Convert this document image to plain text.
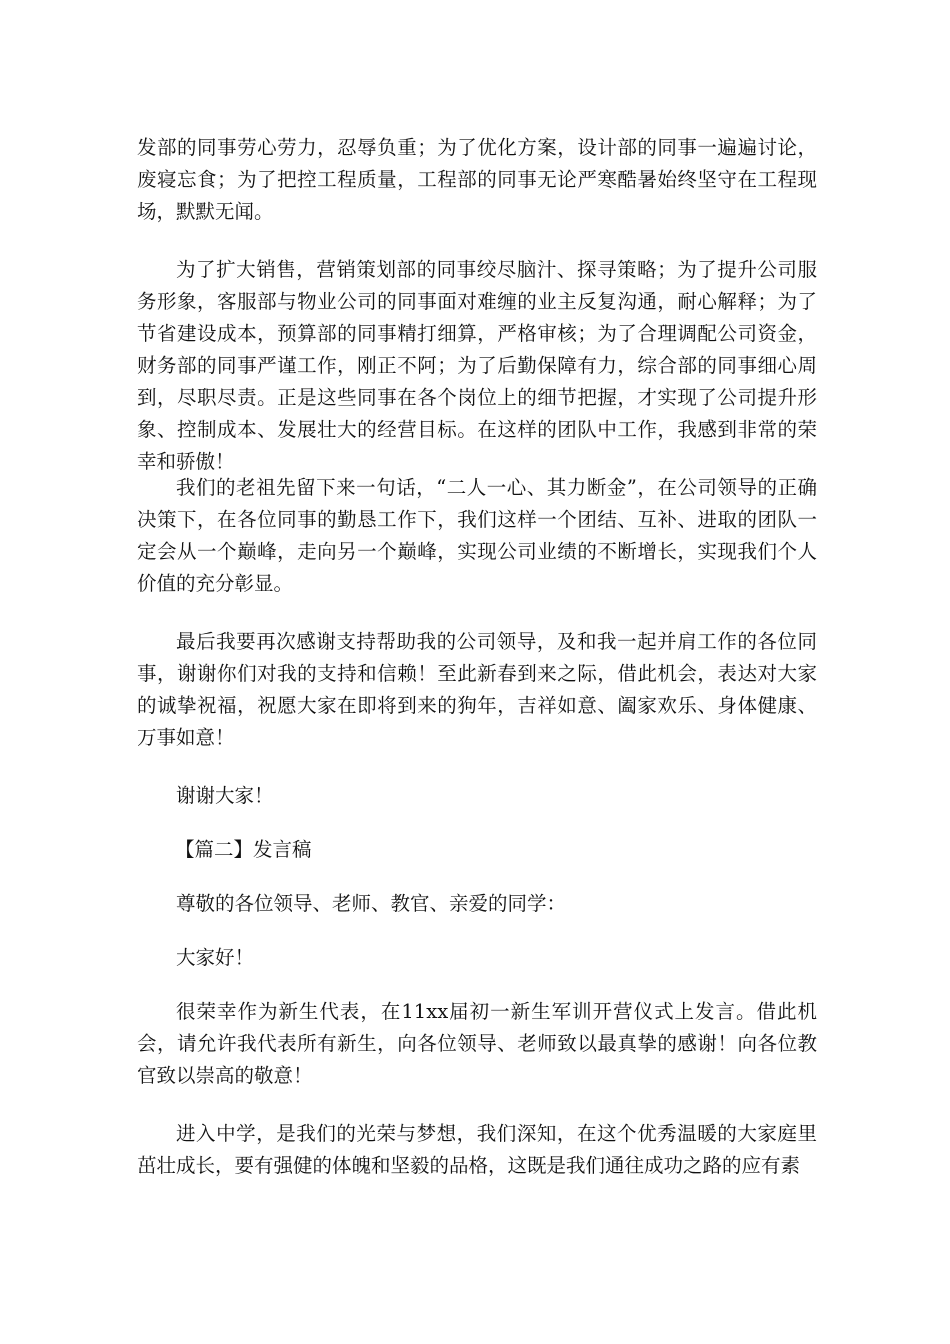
发部的同事劳心劳力，忍辱负重；为了优化方案，设计部的同事一遍遍讨论，废寝忘食；为了把控工程质量，工程部的同事无论严寒酷暑始终坚守在工程现场，默默无闻。

为了扩大销售，营销策划部的同事绞尽脑汁、探寻策略；为了提升公司服务形象，客服部与物业公司的同事面对难缠的业主反复沟通，耐心解释；为了节省建设成本，预算部的同事精打细算，严格审核；为了合理调配公司资金，财务部的同事严谨工作，刚正不阿；为了后勤保障有力，综合部的同事细心周到，尽职尽责。正是这些同事在各个岗位上的细节把握，才实现了公司提升形象、控制成本、发展壮大的经营目标。在这样的团队中工作，我感到非常的荣幸和骄傲！

我们的老祖先留下来一句话，“二人一心、其力断金”，在公司领导的正确决策下，在各位同事的勤恳工作下，我们这样一个团结、互补、进取的团队一定会从一个巅峰，走向另一个巅峰，实现公司业绩的不断增长，实现我们个人价值的充分彰显。

最后我要再次感谢支持帮助我的公司领导，及和我一起并肩工作的各位同事，谢谢你们对我的支持和信赖！至此新春到来之际，借此机会，表达对大家的诚挚祝福，祝愿大家在即将到来的狗年，吉祥如意、阖家欢乐、身体健康、万事如意！

谢谢大家！

【篇二】发言稿

尊敬的各位领导、老师、教官、亲爱的同学：

大家好！

很荣幸作为新生代表，在11xx届初一新生军训开营仪式上发言。借此机会，请允许我代表所有新生，向各位领导、老师致以最真挚的感谢！向各位教官致以崇高的敬意！

进入中学，是我们的光荣与梦想，我们深知，在这个优秀温暖的大家庭里茁壮成长，要有强健的体魄和坚毅的品格，这既是我们通往成功之路的应有素
